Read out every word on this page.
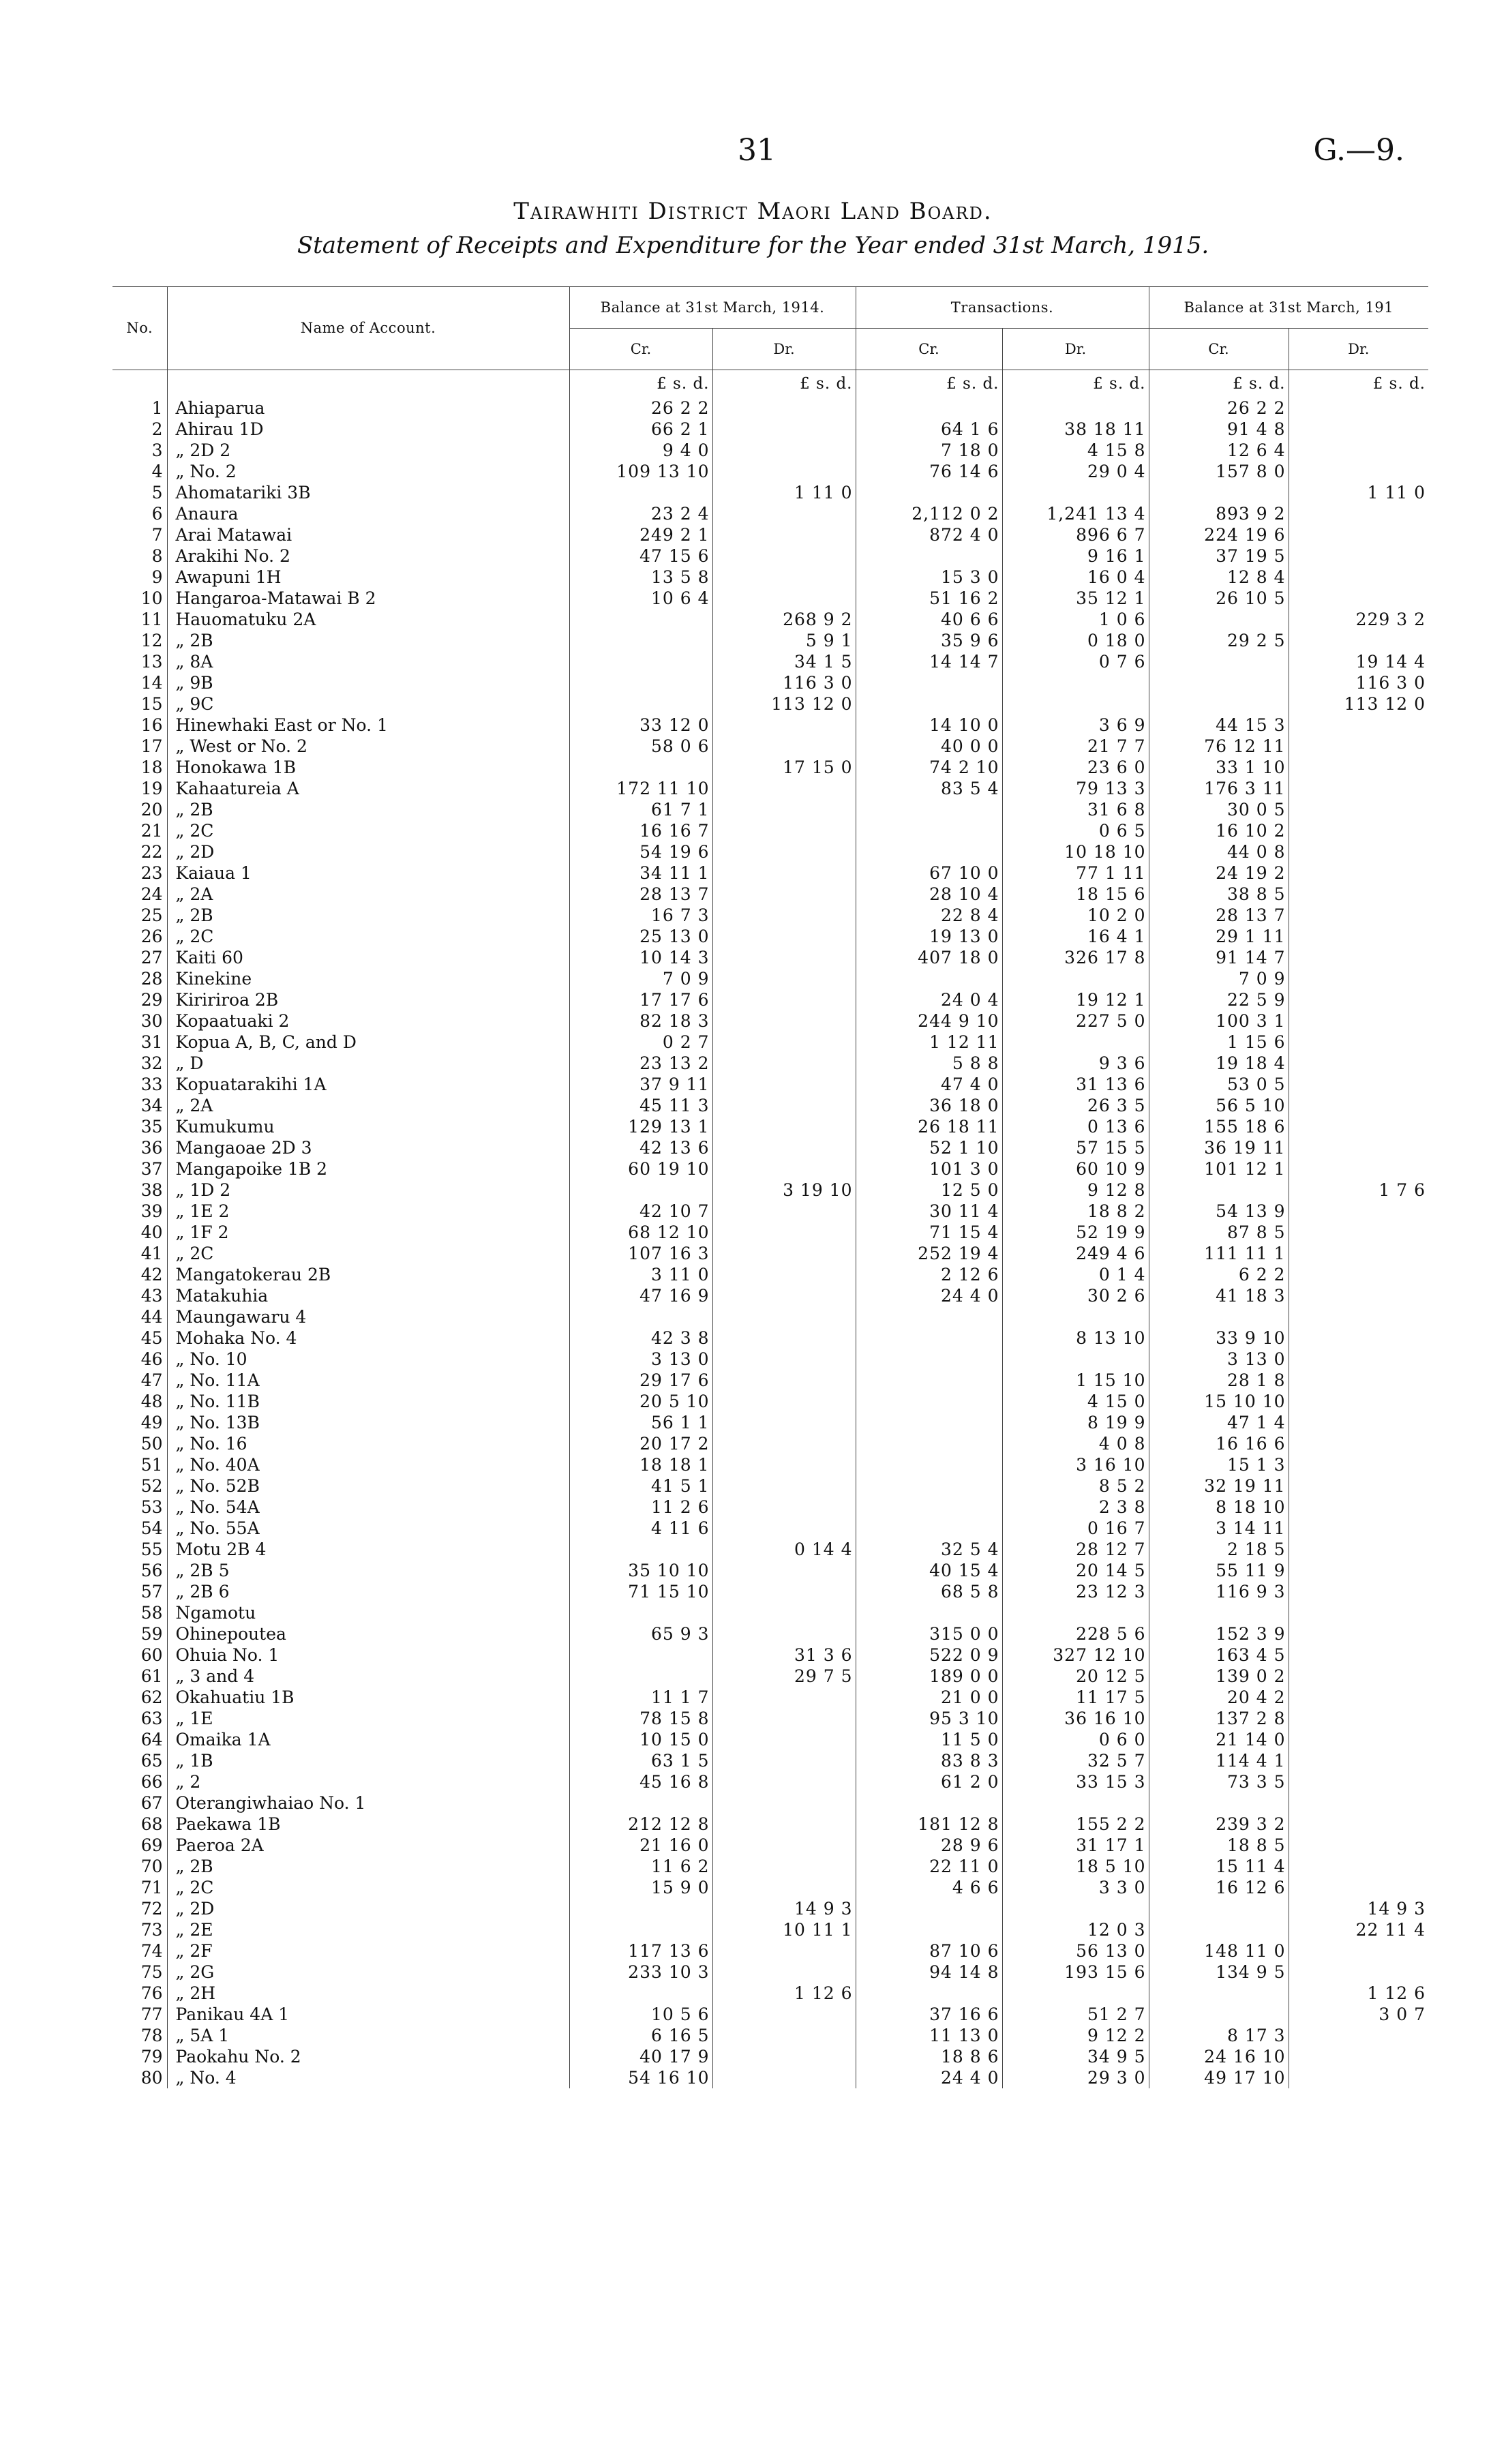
31	G.—9.
Tairawhiti District Maori Land Board.
Statement of Receipts and Expenditure for the Year ended 31st March, 1915.
No.	Name of Account.	Balance at 31st March, 1914.		Transactions.		Balance at 31st March, 191	
		Cr.	Dr.	Cr.	Dr.	Cr.	Dr.
		£ s. d.	£ s. d.	£ s. d.	£ s. d.	£ s. d.	£ s. d.
1	Ahiaparua	26 2 2				26 2 2	
2	Ahirau 1D	66 2 1		64 1 6	38 18 11	91 4 8	
3	„ 2D 2	9 4 0		7 18 0	4 15 8	12 6 4	
4	„ No. 2	109 13 10		76 14 6	29 0 4	157 8 0	
5	Ahomatariki 3B		1 11 0				1 11 0
6	Anaura	23 2 4		2,112 0 2	1,241 13 4	893 9 2	
7	Arai Matawai	249 2 1		872 4 0	896 6 7	224 19 6	
8	Arakihi No. 2	47 15 6			9 16 1	37 19 5	
9	Awapuni 1H	13 5 8		15 3 0	16 0 4	12 8 4	
10	Hangaroa-Matawai B 2	10 6 4		51 16 2	35 12 1	26 10 5	
11	Hauomatuku 2A		268 9 2	40 6 6	1 0 6		229 3 2
12	„ 2B		5 9 1	35 9 6	0 18 0	29 2 5	
13	„ 8A		34 1 5	14 14 7	0 7 6		19 14 4
14	„ 9B		116 3 0				116 3 0
15	„ 9C		113 12 0				113 12 0
16	Hinewhaki East or No. 1	33 12 0		14 10 0	3 6 9	44 15 3	
17	„ West or No. 2	58 0 6		40 0 0	21 7 7	76 12 11	
18	Honokawa 1B		17 15 0	74 2 10	23 6 0	33 1 10	
19	Kahaatureia A	172 11 10		83 5 4	79 13 3	176 3 11	
20	„ 2B	61 7 1			31 6 8	30 0 5	
21	„ 2C	16 16 7			0 6 5	16 10 2	
22	„ 2D	54 19 6			10 18 10	44 0 8	
23	Kaiaua 1	34 11 1		67 10 0	77 1 11	24 19 2	
24	„ 2A	28 13 7		28 10 4	18 15 6	38 8 5	
25	„ 2B	16 7 3		22 8 4	10 2 0	28 13 7	
26	„ 2C	25 13 0		19 13 0	16 4 1	29 1 11	
27	Kaiti 60	10 14 3		407 18 0	326 17 8	91 14 7	
28	Kinekine	7 0 9				7 0 9	
29	Kiririroa 2B	17 17 6		24 0 4	19 12 1	22 5 9	
30	Kopaatuaki 2	82 18 3		244 9 10	227 5 0	100 3 1	
31	Kopua A, B, C, and D	0 2 7		1 12 11		1 15 6	
32	„ D	23 13 2		5 8 8	9 3 6	19 18 4	
33	Kopuatarakihi 1A	37 9 11		47 4 0	31 13 6	53 0 5	
34	„ 2A	45 11 3		36 18 0	26 3 5	56 5 10	
35	Kumukumu	129 13 1		26 18 11	0 13 6	155 18 6	
36	Mangaoae 2D 3	42 13 6		52 1 10	57 15 5	36 19 11	
37	Mangapoike 1B 2	60 19 10		101 3 0	60 10 9	101 12 1	
38	„ 1D 2		3 19 10	12 5 0	9 12 8		1 7 6
39	„ 1E 2	42 10 7		30 11 4	18 8 2	54 13 9	
40	„ 1F 2	68 12 10		71 15 4	52 19 9	87 8 5	
41	„ 2C	107 16 3		252 19 4	249 4 6	111 11 1	
42	Mangatokerau 2B	3 11 0		2 12 6	0 1 4	6 2 2	
43	Matakuhia	47 16 9		24 4 0	30 2 6	41 18 3	
44	Maungawaru 4						
45	Mohaka No. 4	42 3 8			8 13 10	33 9 10	
46	„ No. 10	3 13 0				3 13 0	
47	„ No. 11A	29 17 6			1 15 10	28 1 8	
48	„ No. 11B	20 5 10			4 15 0	15 10 10	
49	„ No. 13B	56 1 1			8 19 9	47 1 4	
50	„ No. 16	20 17 2			4 0 8	16 16 6	
51	„ No. 40A	18 18 1			3 16 10	15 1 3	
52	„ No. 52B	41 5 1			8 5 2	32 19 11	
53	„ No. 54A	11 2 6			2 3 8	8 18 10	
54	„ No. 55A	4 11 6			0 16 7	3 14 11	
55	Motu 2B 4		0 14 4	32 5 4	28 12 7	2 18 5	
56	„ 2B 5	35 10 10		40 15 4	20 14 5	55 11 9	
57	„ 2B 6	71 15 10		68 5 8	23 12 3	116 9 3	
58	Ngamotu						
59	Ohinepoutea	65 9 3		315 0 0	228 5 6	152 3 9	
60	Ohuia No. 1		31 3 6	522 0 9	327 12 10	163 4 5	
61	„ 3 and 4		29 7 5	189 0 0	20 12 5	139 0 2	
62	Okahuatiu 1B	11 1 7		21 0 0	11 17 5	20 4 2	
63	„ 1E	78 15 8		95 3 10	36 16 10	137 2 8	
64	Omaika 1A	10 15 0		11 5 0	0 6 0	21 14 0	
65	„ 1B	63 1 5		83 8 3	32 5 7	114 4 1	
66	„ 2	45 16 8		61 2 0	33 15 3	73 3 5	
67	Oterangiwhaiao No. 1						
68	Paekawa 1B	212 12 8		181 12 8	155 2 2	239 3 2	
69	Paeroa 2A	21 16 0		28 9 6	31 17 1	18 8 5	
70	„ 2B	11 6 2		22 11 0	18 5 10	15 11 4	
71	„ 2C	15 9 0		4 6 6	3 3 0	16 12 6	
72	„ 2D		14 9 3				14 9 3
73	„ 2E		10 11 1		12 0 3		22 11 4
74	„ 2F	117 13 6		87 10 6	56 13 0	148 11 0	
75	„ 2G	233 10 3		94 14 8	193 15 6	134 9 5	
76	„ 2H		1 12 6				1 12 6
77	Panikau 4A 1	10 5 6		37 16 6	51 2 7		3 0 7
78	„ 5A 1	6 16 5		11 13 0	9 12 2	8 17 3	
79	Paokahu No. 2	40 17 9		18 8 6	34 9 5	24 16 10	
80	„ No. 4	54 16 10		24 4 0	29 3 0	49 17 10	
